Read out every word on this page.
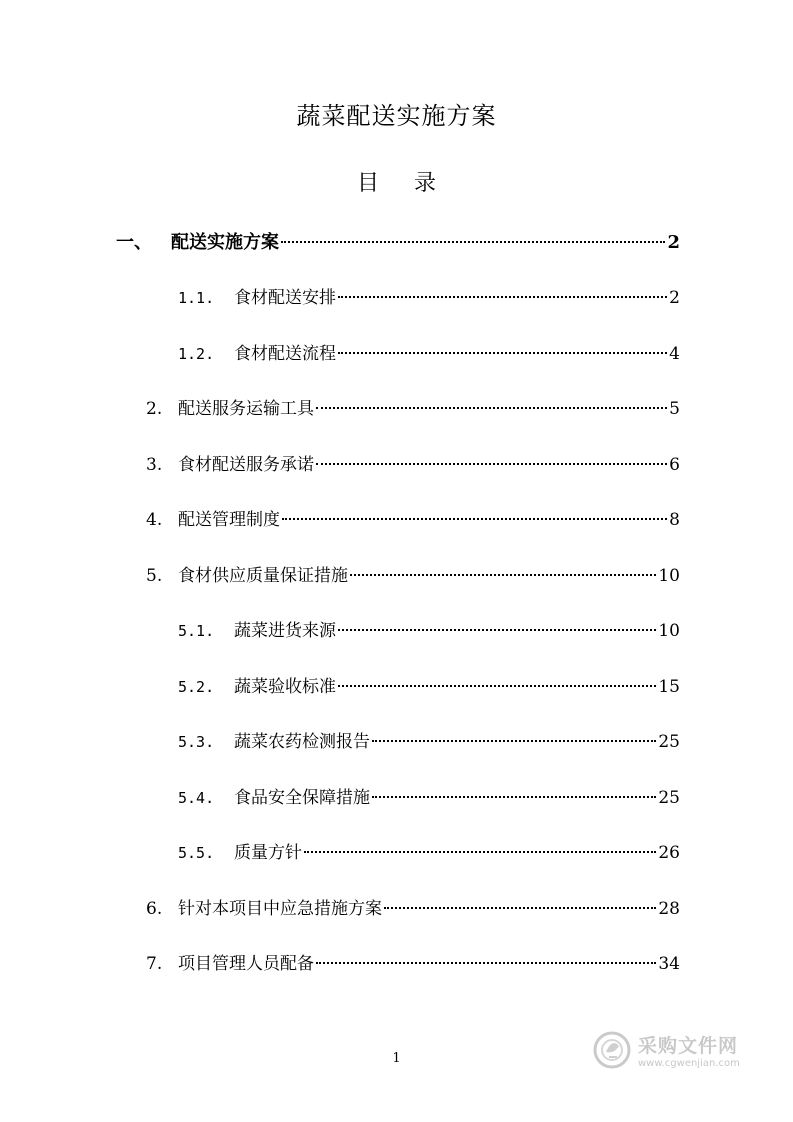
蔬菜配送实施方案
目 录
一、	配送实施方案	2
1.1.	食材配送安排	2
1.2.	食材配送流程	4
2. 配送服务运输工具	5
3. 食材配送服务承诺	6
4. 配送管理制度	8
5. 食材供应质量保证措施	10
5.1.	蔬菜进货来源	10
5.2.	蔬菜验收标准	15
5.3.	蔬菜农药检测报告	25
5.4.	食品安全保障措施	25
5.5.	质量方针	26
6. 针对本项目中应急措施方案	28
7. 项目管理人员配备	34
1
采购文件网
www.cgwenjian.com
